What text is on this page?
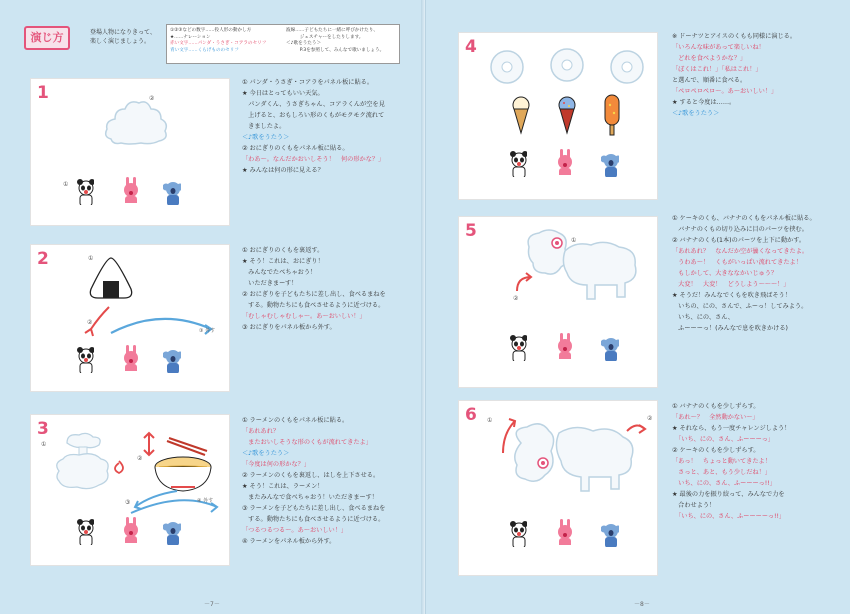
演じ方	登場人物になりきって、
楽しく演じましょう。
①②③などの数字……役人形の動かし方
★……ナレーション
赤い文字……パンダ・うさぎ・コアラのセリフ
青い文字……くらげもののセリフ
波線……子どもたちに一緒に呼びかけたり、
　　　ジェスチャーをしたりします。
＜♪歌をうたう＞
　　　P.3を参照して、みんなで歌いましょう。
1	②
①

① パンダ・うさぎ・コアラをパネル板に貼る。

★ 今日はとってもいい天気。

　パンダくん、うさぎちゃん、コアラくんが空を見

　上げると、おもしろい形のくもがモクモク流れて

　きましたよ。

＜♪歌をうたう＞

② おにぎりのくもをパネル板に貼る。

「わあ～。なんだかおいしそう！　何の形かな？」

★ みんなは何の形に見える？

2	①
②
③ 外す

① おにぎりのくもを裏返す。

★ そう！これは、おにぎり！

　みんなでたべちゃおう！

　いただきまーす！

② おにぎりを子どもたちに差し出し、食べるまねを

　する。動物たちにも食べさせるように近づける。

「むしゃむしゃむしゃ～。あ～おいしい！」

③ おにぎりをパネル板から外す。

3
②
①
③	④ 外す

① ラーメンのくもをパネル板に貼る。

「あれあれ？

　またおいしそうな形のくもが流れてきたよ」

＜♪歌をうたう＞

「今度は何の形かな？」

② ラーメンのくもを裏返し、はしを上下させる。

★ そう！これは、ラーメン！

　またみんなで食べちゃおう！いただきまーす！

③ ラーメンを子どもたちに差し出し、食べるまねを

　する。動物たちにも食べさせるように近づける。

「つるつるつる～。あ～おいしい！」

④ ラーメンをパネル板から外す。

－7－
4

※ ドーナツとアイスのくもも同様に演じる。

「いろんな味があって楽しいね！

　どれを食べようかな？」

「ぼくはこれ！」「私はこれ！」

と選んで、順番に食べる。

「ペロペロペロ～。あ～おいしい！」

★ すると今度は……。

＜♪歌をうたう＞

5
②
①

① ケーキのくも、バナナのくもをパネル板に貼る。

　バナナのくもの切り込みに目のパーツを挟む。

② バナナのくも(1本)のパーツを上下に動かす。

「あれあれ？　なんだか空が曇くなってきたよ。

　うわあ～！　くもがいっぱい流れてきたよ！

　もしかして、大きななかいじゅう？

　大変！　大変！　どうしよう～～～！」

★ そうだ！みんなでくもを吹き飛ばそう！

　いちの、にの、さんで、ふーっ！してみよう。

　いち、にの、さん、

　ふーーーっ！(みんなで息を吹きかける)

6 ①	②

① バナナのくもを少しずらす。

「あれ～？　全然動かない～」

★ それなら、もう一度チャレンジしよう！

　「いち、にの、さん、ふーーーっ」

② ケーキのくもを少しずらす。

「あっ！　ちょっと動いてきたよ！

　さっと、あと、もう少しだね！」

　いち、にの、さん、ふーーーっ!!」

★ 最後の力を振り絞って、みんなで力を

　合わせよう！

　「いち、にの、さん、ふーーーーっ!!」

－8－
